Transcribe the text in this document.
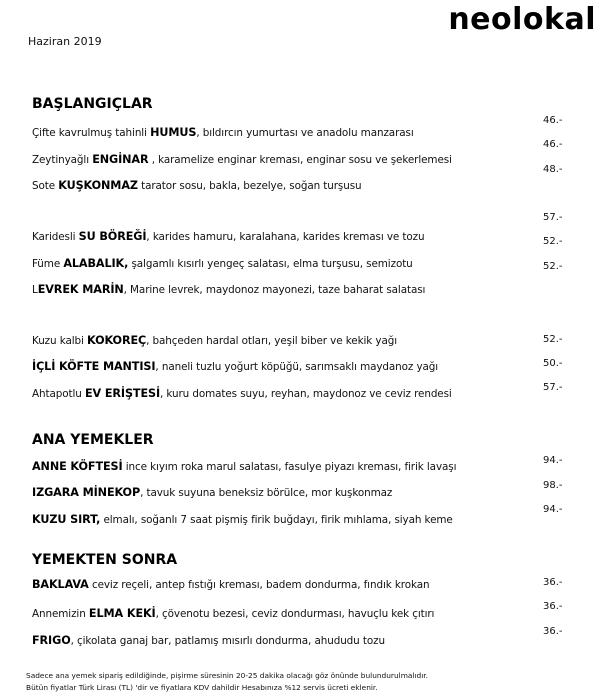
neolokal
Haziran 2019
BAŞLANGIÇLAR
Çifte kavrulmuş tahinli HUMUS, bıldırcın yumurtası ve anadolu manzarası
46.-
Zeytinyağlı ENGİNAR , karamelize enginar kreması, enginar sosu ve şekerlemesi
46.-
Sote KUŞKONMAZ tarator sosu, bakla, bezelye, soğan turşusu
48.-
Karidesli SU BÖREĞİ, karides hamuru, karalahana, karides kreması ve tozu
57.-
Füme ALABALIK, şalgamlı kısırlı yengeç salatası, elma turşusu, semizotu
52.-
LEVREK MARİN, Marine levrek, maydonoz mayonezi, taze baharat salatası
52.-
Kuzu kalbi KOKOREÇ, bahçeden hardal otları, yeşil biber ve kekik yağı	52.-
İÇLİ KÖFTE MANTISI, naneli tuzlu yoğurt köpüğü, sarımsaklı maydanoz yağı	50.-
Ahtapotlu EV ERİŞTESİ, kuru domates suyu, reyhan, maydonoz ve ceviz rendesi
57.-
ANA YEMEKLER
ANNE KÖFTESİ ince kıyım roka marul salatası, fasulye piyazı kreması, firik lavaşı
94.-
IZGARA MİNEKOP, tavuk suyuna beneksiz börülce, mor kuşkonmaz
98.-
KUZU SIRT, elmalı, soğanlı 7 saat pişmiş firik buğdayı, firik mıhlama, siyah keme
94.-
YEMEKTEN SONRA
BAKLAVA ceviz reçeli, antep fıstığı kreması, badem dondurma, fındık krokan	36.-
Annemizin ELMA KEKİ, çövenotu bezesi, ceviz dondurması, havuçlu kek çıtırı
36.-
FRIGO, çikolata ganaj bar, patlamış mısırlı dondurma, ahududu tozu
36.-
Sadece ana yemek sipariş edildiğinde, pişirme süresinin 20-25 dakika olacağı göz önünde bulundurulmalıdır.
Bütün fiyatlar Türk Lirası (TL) 'dir ve fiyatlara KDV dahildir Hesabınıza %12 servis ücreti eklenir.
